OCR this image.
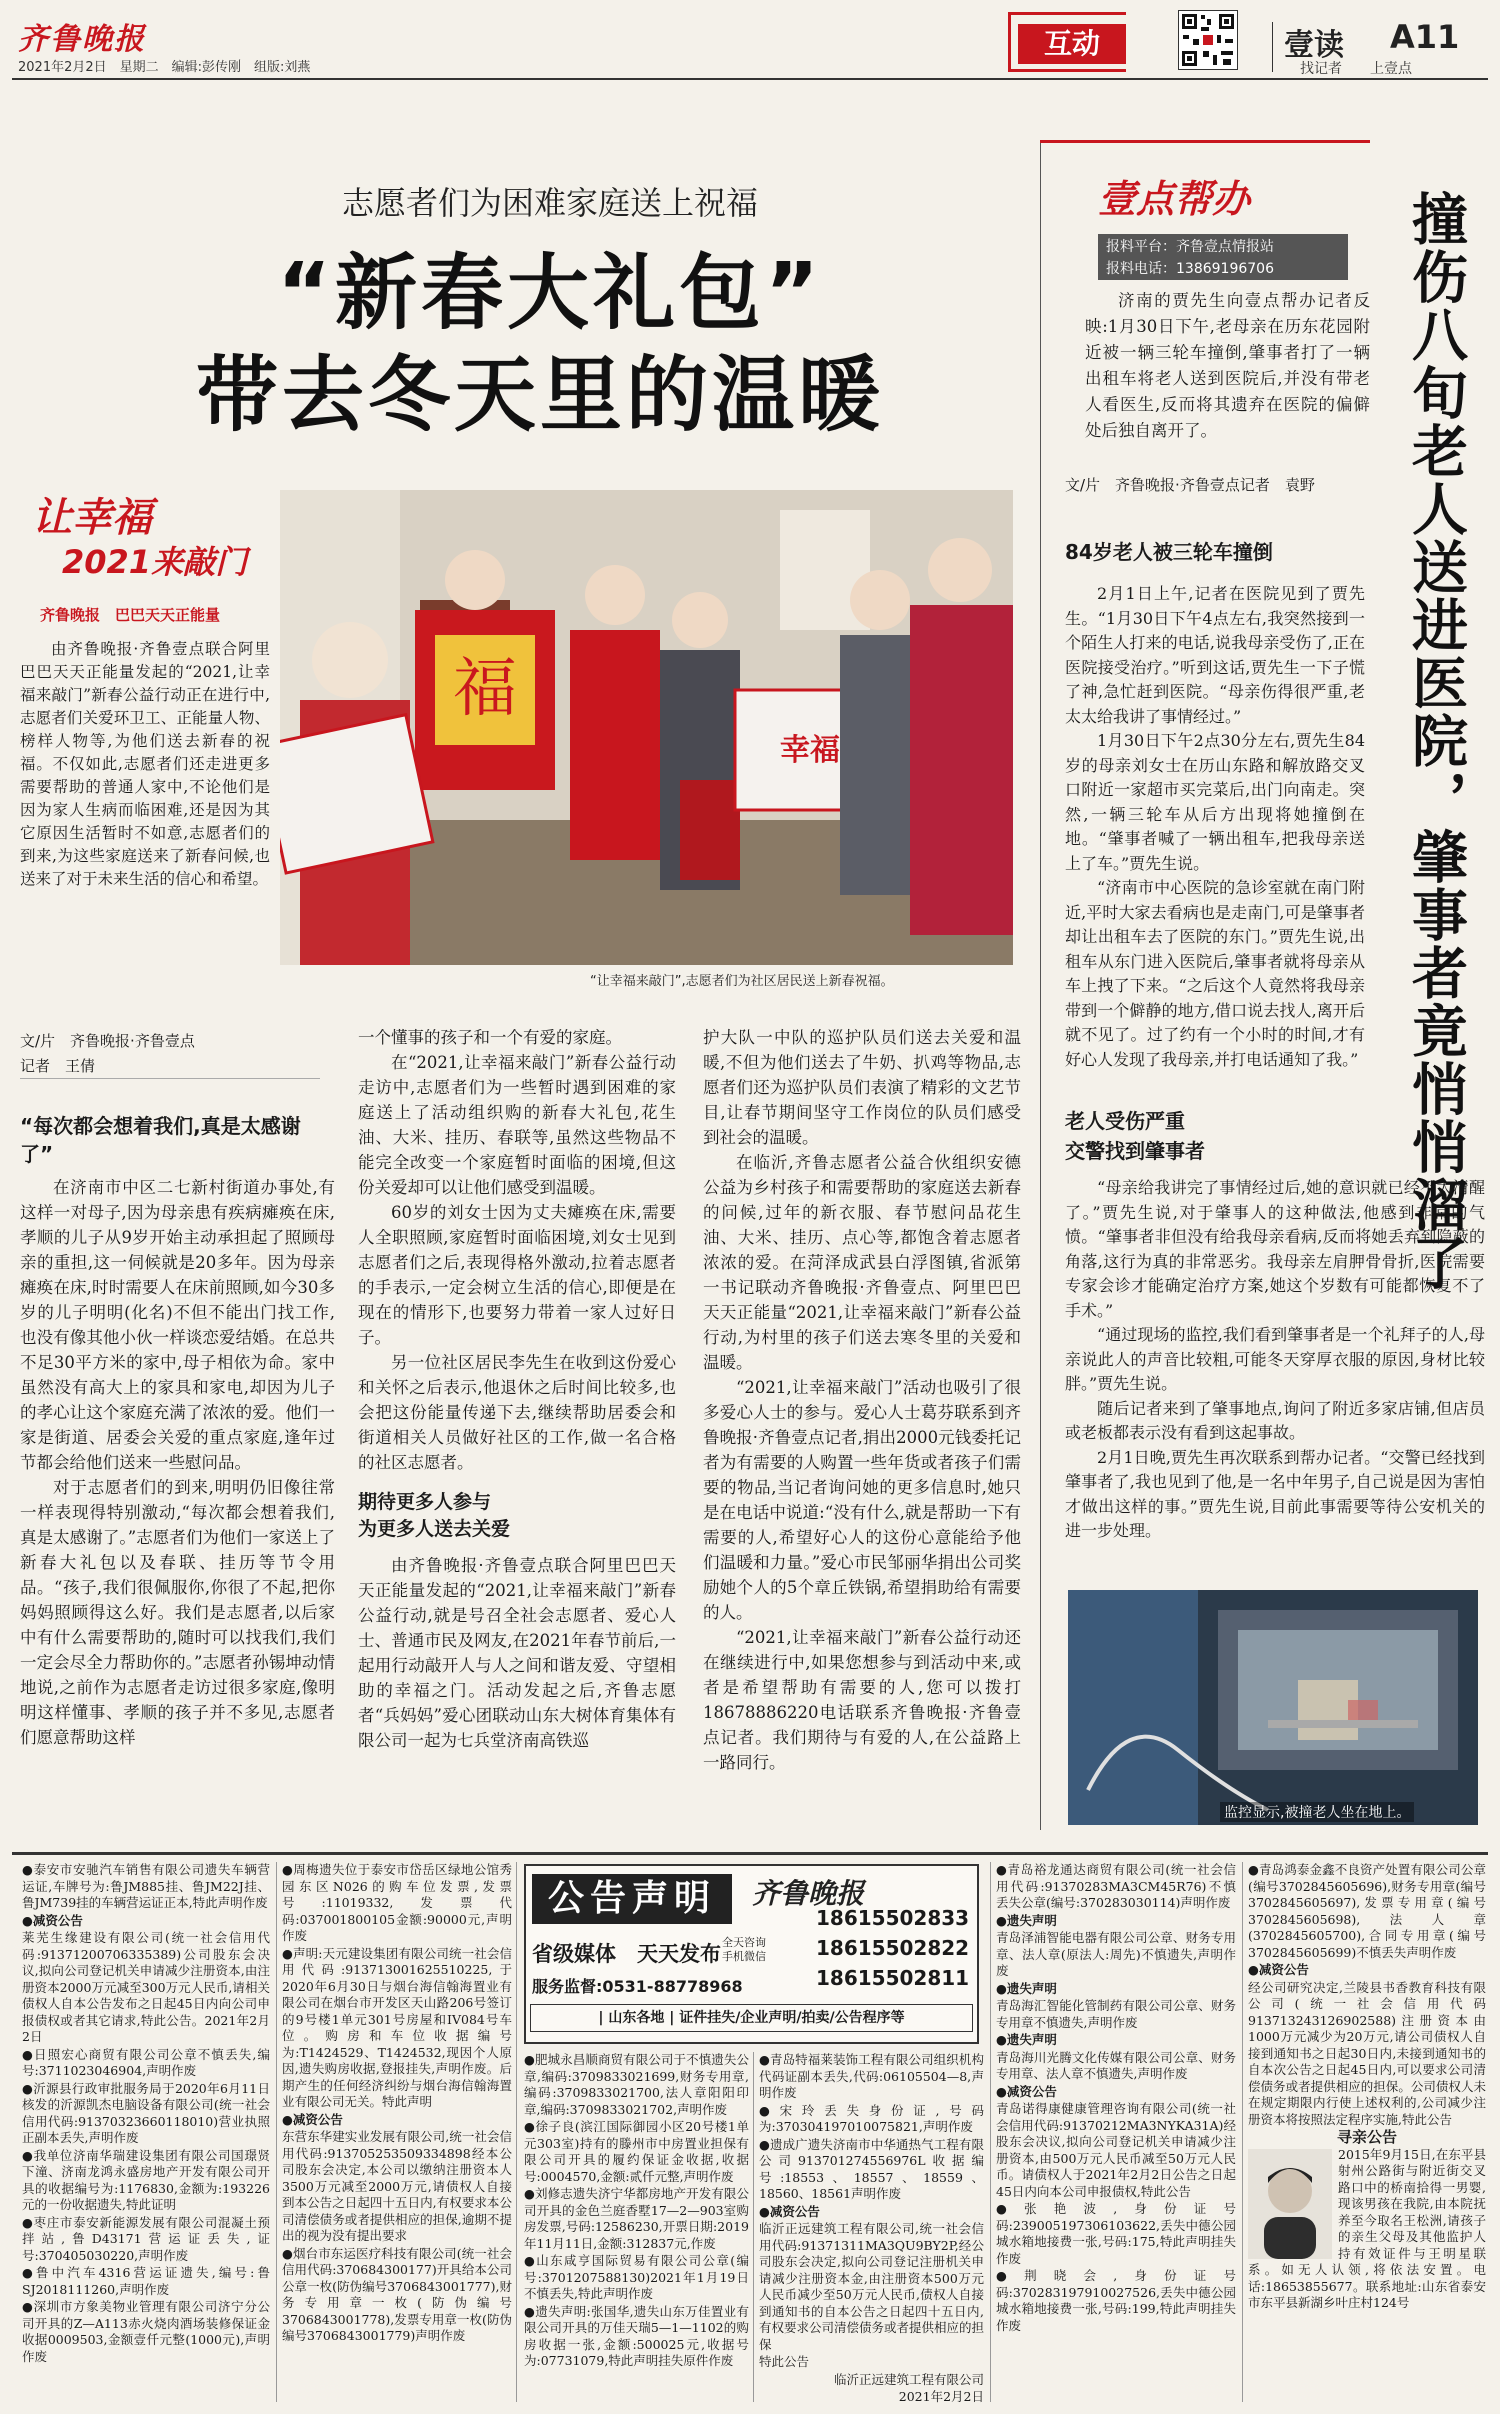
齐鲁晚报
2021年2月2日　星期二　编辑:彭传刚　组版:刘燕
互动	壹读 A11
找记者　　上壹点
志愿者们为困难家庭送上祝福
“新春大礼包”
带去冬天里的温暖
让幸福
2021来敲门
齐鲁晚报　巴巴天天正能量
福
幸福
“让幸福来敲门”,志愿者们为社区居民送上新春祝福。

由齐鲁晚报·齐鲁壹点联合阿里巴巴天天正能量发起的“2021,让幸福来敲门”新春公益行动正在进行中,志愿者们关爱环卫工、正能量人物、榜样人物等,为他们送去新春的祝福。不仅如此,志愿者们还走进更多需要帮助的普通人家中,不论他们是因为家人生病而临困难,还是因为其它原因生活暂时不如意,志愿者们的到来,为这些家庭送来了新春问候,也送来了对于未来生活的信心和希望。

文/片　齐鲁晚报·齐鲁壹点
记者　王倩
“每次都会想着我们,真是太感谢了”

在济南市中区二七新村街道办事处,有这样一对母子,因为母亲患有疾病瘫痪在床,孝顺的儿子从9岁开始主动承担起了照顾母亲的重担,这一伺候就是20多年。因为母亲瘫痪在床,时时需要人在床前照顾,如今30多岁的儿子明明(化名)不但不能出门找工作,也没有像其他小伙一样谈恋爱结婚。在总共不足30平方米的家中,母子相依为命。家中虽然没有高大上的家具和家电,却因为儿子的孝心让这个家庭充满了浓浓的爱。他们一家是街道、居委会关爱的重点家庭,逢年过节都会给他们送来一些慰问品。

对于志愿者们的到来,明明仍旧像往常一样表现得特别激动,“每次都会想着我们,真是太感谢了。”志愿者们为他们一家送上了新春大礼包以及春联、挂历等节令用品。“孩子,我们很佩服你,你很了不起,把你妈妈照顾得这么好。我们是志愿者,以后家中有什么需要帮助的,随时可以找我们,我们一定会尽全力帮助你的。”志愿者孙锡坤动情地说,之前作为志愿者走访过很多家庭,像明明这样懂事、孝顺的孩子并不多见,志愿者们愿意帮助这样

一个懂事的孩子和一个有爱的家庭。

在“2021,让幸福来敲门”新春公益行动走访中,志愿者们为一些暂时遇到困难的家庭送上了活动组织购的新春大礼包,花生油、大米、挂历、春联等,虽然这些物品不能完全改变一个家庭暂时面临的困境,但这份关爱却可以让他们感受到温暖。

60岁的刘女士因为丈夫瘫痪在床,需要人全职照顾,家庭暂时面临困境,刘女士见到志愿者们之后,表现得格外激动,拉着志愿者的手表示,一定会树立生活的信心,即便是在现在的情形下,也要努力带着一家人过好日子。

另一位社区居民李先生在收到这份爱心和关怀之后表示,他退休之后时间比较多,也会把这份能量传递下去,继续帮助居委会和街道相关人员做好社区的工作,做一名合格的社区志愿者。

期待更多人参与
为更多人送去关爱

由齐鲁晚报·齐鲁壹点联合阿里巴巴天天正能量发起的“2021,让幸福来敲门”新春公益行动,就是号召全社会志愿者、爱心人士、普通市民及网友,在2021年春节前后,一起用行动敲开人与人之间和谐友爱、守望相助的幸福之门。活动发起之后,齐鲁志愿者“兵妈妈”爱心团联动山东大树体育集体有限公司一起为七兵堂济南高铁巡

护大队一中队的巡护队员们送去关爱和温暖,不但为他们送去了牛奶、扒鸡等物品,志愿者们还为巡护队员们表演了精彩的文艺节目,让春节期间坚守工作岗位的队员们感受到社会的温暖。

在临沂,齐鲁志愿者公益合伙组织安德公益为乡村孩子和需要帮助的家庭送去新春的问候,过年的新衣服、春节慰问品花生油、大米、挂历、点心等,都饱含着志愿者浓浓的爱。在菏泽成武县白浮图镇,省派第一书记联动齐鲁晚报·齐鲁壹点、阿里巴巴天天正能量“2021,让幸福来敲门”新春公益行动,为村里的孩子们送去寒冬里的关爱和温暖。

“2021,让幸福来敲门”活动也吸引了很多爱心人士的参与。爱心人士葛芬联系到齐鲁晚报·齐鲁壹点记者,捐出2000元钱委托记者为有需要的人购置一些年货或者孩子们需要的物品,当记者询问她的更多信息时,她只是在电话中说道:“没有什么,就是帮助一下有需要的人,希望好心人的这份心意能给予他们温暖和力量。”爱心市民邹丽华捐出公司奖励她个人的5个章丘铁锅,希望捐助给有需要的人。

“2021,让幸福来敲门”新春公益行动还在继续进行中,如果您想参与到活动中来,或者是希望帮助有需要的人,您可以拨打18678886220电话联系齐鲁晚报·齐鲁壹点记者。我们期待与有爱的人,在公益路上一路同行。

壹点帮办
报料平台：齐鲁壹点情报站
报料电话：13869196706

济南的贾先生向壹点帮办记者反映:1月30日下午,老母亲在历东花园附近被一辆三轮车撞倒,肇事者打了一辆出租车将老人送到医院后,并没有带老人看医生,反而将其遗弃在医院的偏僻处后独自离开了。

文/片　齐鲁晚报·齐鲁壹点记者　袁野
84岁老人被三轮车撞倒

2月1日上午,记者在医院见到了贾先生。“1月30日下午4点左右,我突然接到一个陌生人打来的电话,说我母亲受伤了,正在医院接受治疗。”听到这话,贾先生一下子慌了神,急忙赶到医院。“母亲伤得很严重,老太太给我讲了事情经过。”

1月30日下午2点30分左右,贾先生84岁的母亲刘女士在历山东路和解放路交叉口附近一家超市买完菜后,出门向南走。突然,一辆三轮车从后方出现将她撞倒在地。“肇事者喊了一辆出租车,把我母亲送上了车。”贾先生说。

“济南市中心医院的急诊室就在南门附近,平时大家去看病也是走南门,可是肇事者却让出租车去了医院的东门。”贾先生说,出租车从东门进入医院后,肇事者就将母亲从车上拽了下来。“之后这个人竟然将我母亲带到一个僻静的地方,借口说去找人,离开后就不见了。过了约有一个小时的时间,才有好心人发现了我母亲,并打电话通知了我。”

老人受伤严重
交警找到肇事者

“母亲给我讲完了事情经过后,她的意识就已经不太清醒了。”贾先生说,对于肇事人的这种做法,他感到非常的气愤。“肇事者非但没有给我母亲看病,反而将她丢弃到隐蔽的角落,这行为真的非常恶劣。我母亲左肩胛骨骨折,医院需要专家会诊才能确定治疗方案,她这个岁数有可能都恢复不了手术。”

“通过现场的监控,我们看到肇事者是一个礼拜子的人,母亲说此人的声音比较粗,可能冬天穿厚衣服的原因,身材比较胖。”贾先生说。

随后记者来到了肇事地点,询问了附近多家店铺,但店员或老板都表示没有看到这起事故。

2月1日晚,贾先生再次联系到帮办记者。“交警已经找到肇事者了,我也见到了他,是一名中年男子,自己说是因为害怕才做出这样的事。”贾先生说,目前此事需要等待公安机关的进一步处理。

撞伤八旬老人送进医院，肇事者竟悄悄溜了
监控显示,被撞老人坐在地上。

●泰安市安驰汽车销售有限公司遗失车辆营运证,车牌号为:鲁JM885挂、鲁JM22J挂、鲁JM739挂的车辆营运证正本,特此声明作废

●减资公告

莱芜生缘建设有限公司(统一社会信用代码:91371200706335389)公司股东会决议,拟向公司登记机关申请减少注册资本,由注册资本2000万元减至300万元人民币,请相关债权人自本公告发布之日起45日内向公司申报债权或者其它请求,特此公告。2021年2月2日

●日照宏心商贸有限公司公章不慎丢失,编号:3711023046904,声明作废

●沂源县行政审批服务局于2020年6月11日核发的沂源凯杰电脑设备有限公司(统一社会信用代码:91370323660118010)营业执照正副本丢失,声明作废

●我单位济南华瑞建设集团有限公司国璟贤下潼、济南龙鸿永盛房地产开发有限公司开具的收据编号为:1176830,金额为:193226元的一份收据遗失,特此证明

●枣庄市泰安新能源发展有限公司混凝土预拌站,鲁D43171营运证丢失,证号:370405030220,声明作废

●鲁中汽车4316营运证遗失,编号:鲁SJ2018111260,声明作废

●深圳市方象美物业管理有限公司济宁分公司开具的Z—A113赤火烧肉酒场装修保证金收据0009503,金额壹仟元整(1000元),声明作废

●周梅遗失位于泰安市岱岳区绿地公馆秀园东区N026的购车位发票,发票号:11019332,发票代码:037001800105金额:90000元,声明作废

●声明:天元建设集团有限公司统一社会信用代码:913713001625510225,于2020年6月30日与烟台海信翰海置业有限公司在烟台市开发区天山路206号签订的9号楼1单元301号房屋和IV084号车位。购房和车位收据编号为:T1424529、T1424532,现因个人原因,遗失购房收据,登报挂失,声明作废。后期产生的任何经济纠纷与烟台海信翰海置业有限公司无关。特此声明

●减资公告

东营东华建实业发展有限公司,统一社会信用代码:913705253509334898经本公司股东会决定,本公司以缴纳注册资本人3500万元减至2000万元,请债权人自接到本公告之日起四十五日内,有权要求本公司清偿债务或者提供相应的担保,逾期不提出的视为没有提出要求

●烟台市东运医疗科技有限公司(统一社会信用代码:370684300177)开具给本公司公章一枚(防伪编号3706843001777),财务专用章一枚(防伪编号3706843001778),发票专用章一枚(防伪编号3706843001779)声明作废

公告声明	齐鲁晚报
省级媒体　天天发布 全天咨询
手机微信
18615502833
18615502822
18615502811
服务监督:0531-88778968
| 山东各地 | 证件挂失/企业声明/拍卖/公告程序等

●肥城永昌顺商贸有限公司于不慎遗失公章,编码:3709833021699,财务专用章,编码:3709833021700,法人章阳阳印章,编码:3709833021702,声明作废

●徐子良(滨江国际御园小区20号楼1单元303室)持有的滕州市中房置业担保有限公司开具的履约保证金收据,收据号:0004570,金额:贰仟元整,声明作废

●刘修志遗失济宁华都房地产开发有限公司开具的金色兰庭香墅17—2—903室购房发票,号码:12586230,开票日期:2019年11月11日,金额:312837元,作废

●山东咸亨国际贸易有限公司公章(编号:3701207588130)2021年1月19日不慎丢失,特此声明作废

●遗失声明:张国华,遗失山东万佳置业有限公司开具的万佳天瑞5—1—1102的购房收据一张,金额:500025元,收据号为:07731079,特此声明挂失原件作废

●青岛特福莱装饰工程有限公司组织机构代码证副本丢失,代码:06105504—8,声明作废

●宋玲丢失身份证,号码为:370304197010075821,声明作废

●遗成广遗失济南市中华通热气工程有限公司913701274556976L收据编号:18553、18557、18559、18560、18561声明作废

●减资公告

临沂正远建筑工程有限公司,统一社会信用代码:91371311MA3QU9BY2P,经公司股东会决定,拟向公司登记注册机关申请减少注册资本金,由注册资本500万元人民币减少至50万元人民币,债权人自接到通知书的自本公告之日起四十五日内,有权要求公司清偿债务或者提供相应的担保

特此公告

临沂正远建筑工程有限公司

2021年2月2日

●青岛裕龙通达商贸有限公司(统一社会信用代码:91370283MA3CM45R76)不慎丢失公章(编号:370283030114)声明作废

●遗失声明

青岛泽浦智能电器有限公司公章、财务专用章、法人章(原法人:周先)不慎遗失,声明作废

●遗失声明

青岛海汇智能化管制药有限公司公章、财务专用章不慎遗失,声明作废

●遗失声明

青岛海川光腾文化传媒有限公司公章、财务专用章、法人章不慎遗失,声明作废

●减资公告

青岛诺得康健康管理咨询有限公司(统一社会信用代码:91370212MA3NYKA31A)经股东会决议,拟向公司登记机关申请减少注册资本,由500万元人民币减至50万元人民币。请债权人于2021年2月2日公告之日起45日内向本公司申报债权,特此公告

●张艳波,身份证号码:239005197306103622,丢失中德公园城水箱地接费一张,号码:175,特此声明挂失作废

●荆晓会,身份证号码:370283197910027526,丢失中德公园城水箱地接费一张,号码:199,特此声明挂失作废

●青岛鸿泰金鑫不良资产处置有限公司公章(编号3702845605696),财务专用章(编号3702845605697),发票专用章(编号3702845605698),法人章(3702845605700),合同专用章(编号3702845605699)不慎丢失声明作废

●减资公告

经公司研究决定,兰陵县书香教育科技有限公司(统一社会信用代码913713243126902588)注册资本由1000万元减少为20万元,请公司债权人自接到通知书之日起30日内,未接到通知书的自本次公告之日起45日内,可以要求公司清偿债务或者提供相应的担保。公司债权人未在规定期限内行使上述权利的,公司减少注册资本将按照法定程序实施,特此公告

寻亲公告

2015年9月15日,在东平县射州公路街与附近街交叉路口中的桥南拾得一男婴,现该男孩在我院,由本院抚养至今取名王松洲,请孩子的亲生父母及其他监护人持有效证件与王明星联系。如无人认领,将依法安置。电话:18653855677。联系地址:山东省泰安市东平县新湖乡叶庄村124号
